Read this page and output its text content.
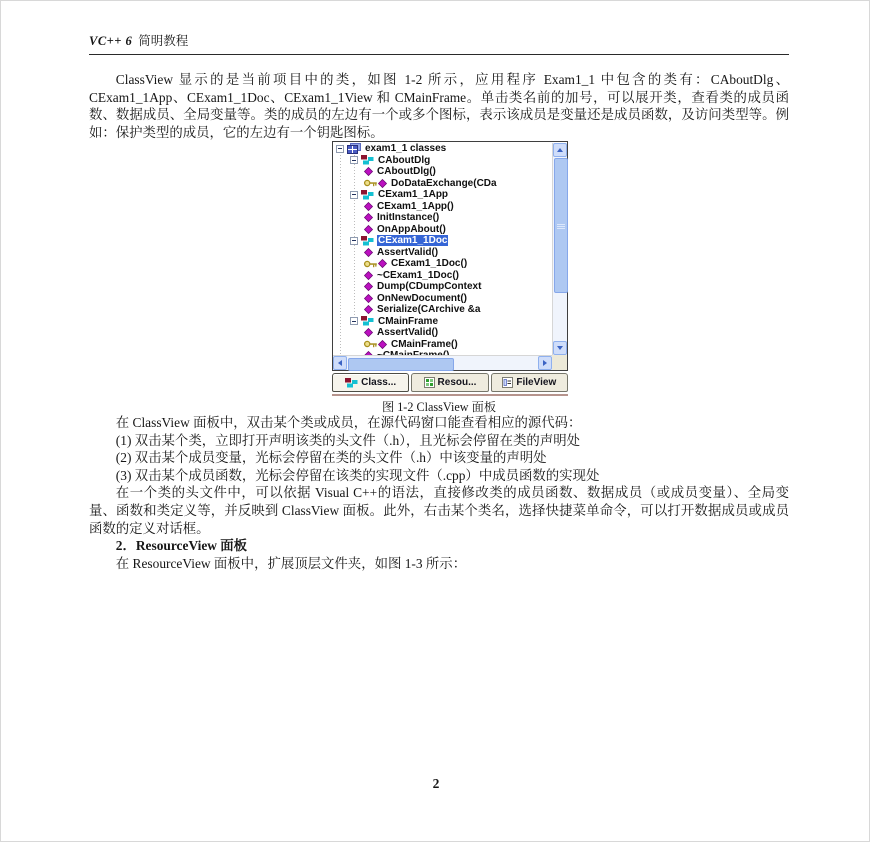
VC++ 6 简明教程

ClassView 显示的是当前项目中的类，如图 1-2 所示，应用程序 Exam1_1 中包含的类有：CAboutDlg、CExam1_1App、CExam1_1Doc、CExam1_1View 和 CMainFrame。单击类名前的加号，可以展开类，查看类的成员函数、数据成员、全局变量等。类的成员的左边有一个或多个图标，表示该成员是变量还是成员函数，及访问类型等。例如：保护类型的成员，它的左边有一个钥匙图标。

exam1_1 classes
CAboutDlg
CAboutDlg()
DoDataExchange(CDa
CExam1_1App
CExam1_1App()
InitInstance()
OnAppAbout()
CExam1_1Doc
AssertValid()
CExam1_1Doc()
~CExam1_1Doc()
Dump(CDumpContext
OnNewDocument()
Serialize(CArchive &a
CMainFrame
AssertValid()
CMainFrame()
Class...	Resou...	FileView
图 1-2 ClassView 面板

在 ClassView 面板中，双击某个类或成员，在源代码窗口能查看相应的源代码：

(1) 双击某个类，立即打开声明该类的头文件（.h），且光标会停留在类的声明处

(2) 双击某个成员变量，光标会停留在类的头文件（.h）中该变量的声明处

(3) 双击某个成员函数，光标会停留在该类的实现文件（.cpp）中成员函数的实现处

在一个类的头文件中，可以依据 Visual C++的语法，直接修改类的成员函数、数据成员（或成员变量）、全局变量、函数和类定义等，并反映到 ClassView 面板。此外，右击某个类名，选择快捷菜单命令，可以打开数据成员或成员函数的定义对话框。

2．ResourceView 面板

在 ResourceView 面板中，扩展顶层文件夹，如图 1-3 所示：

2
